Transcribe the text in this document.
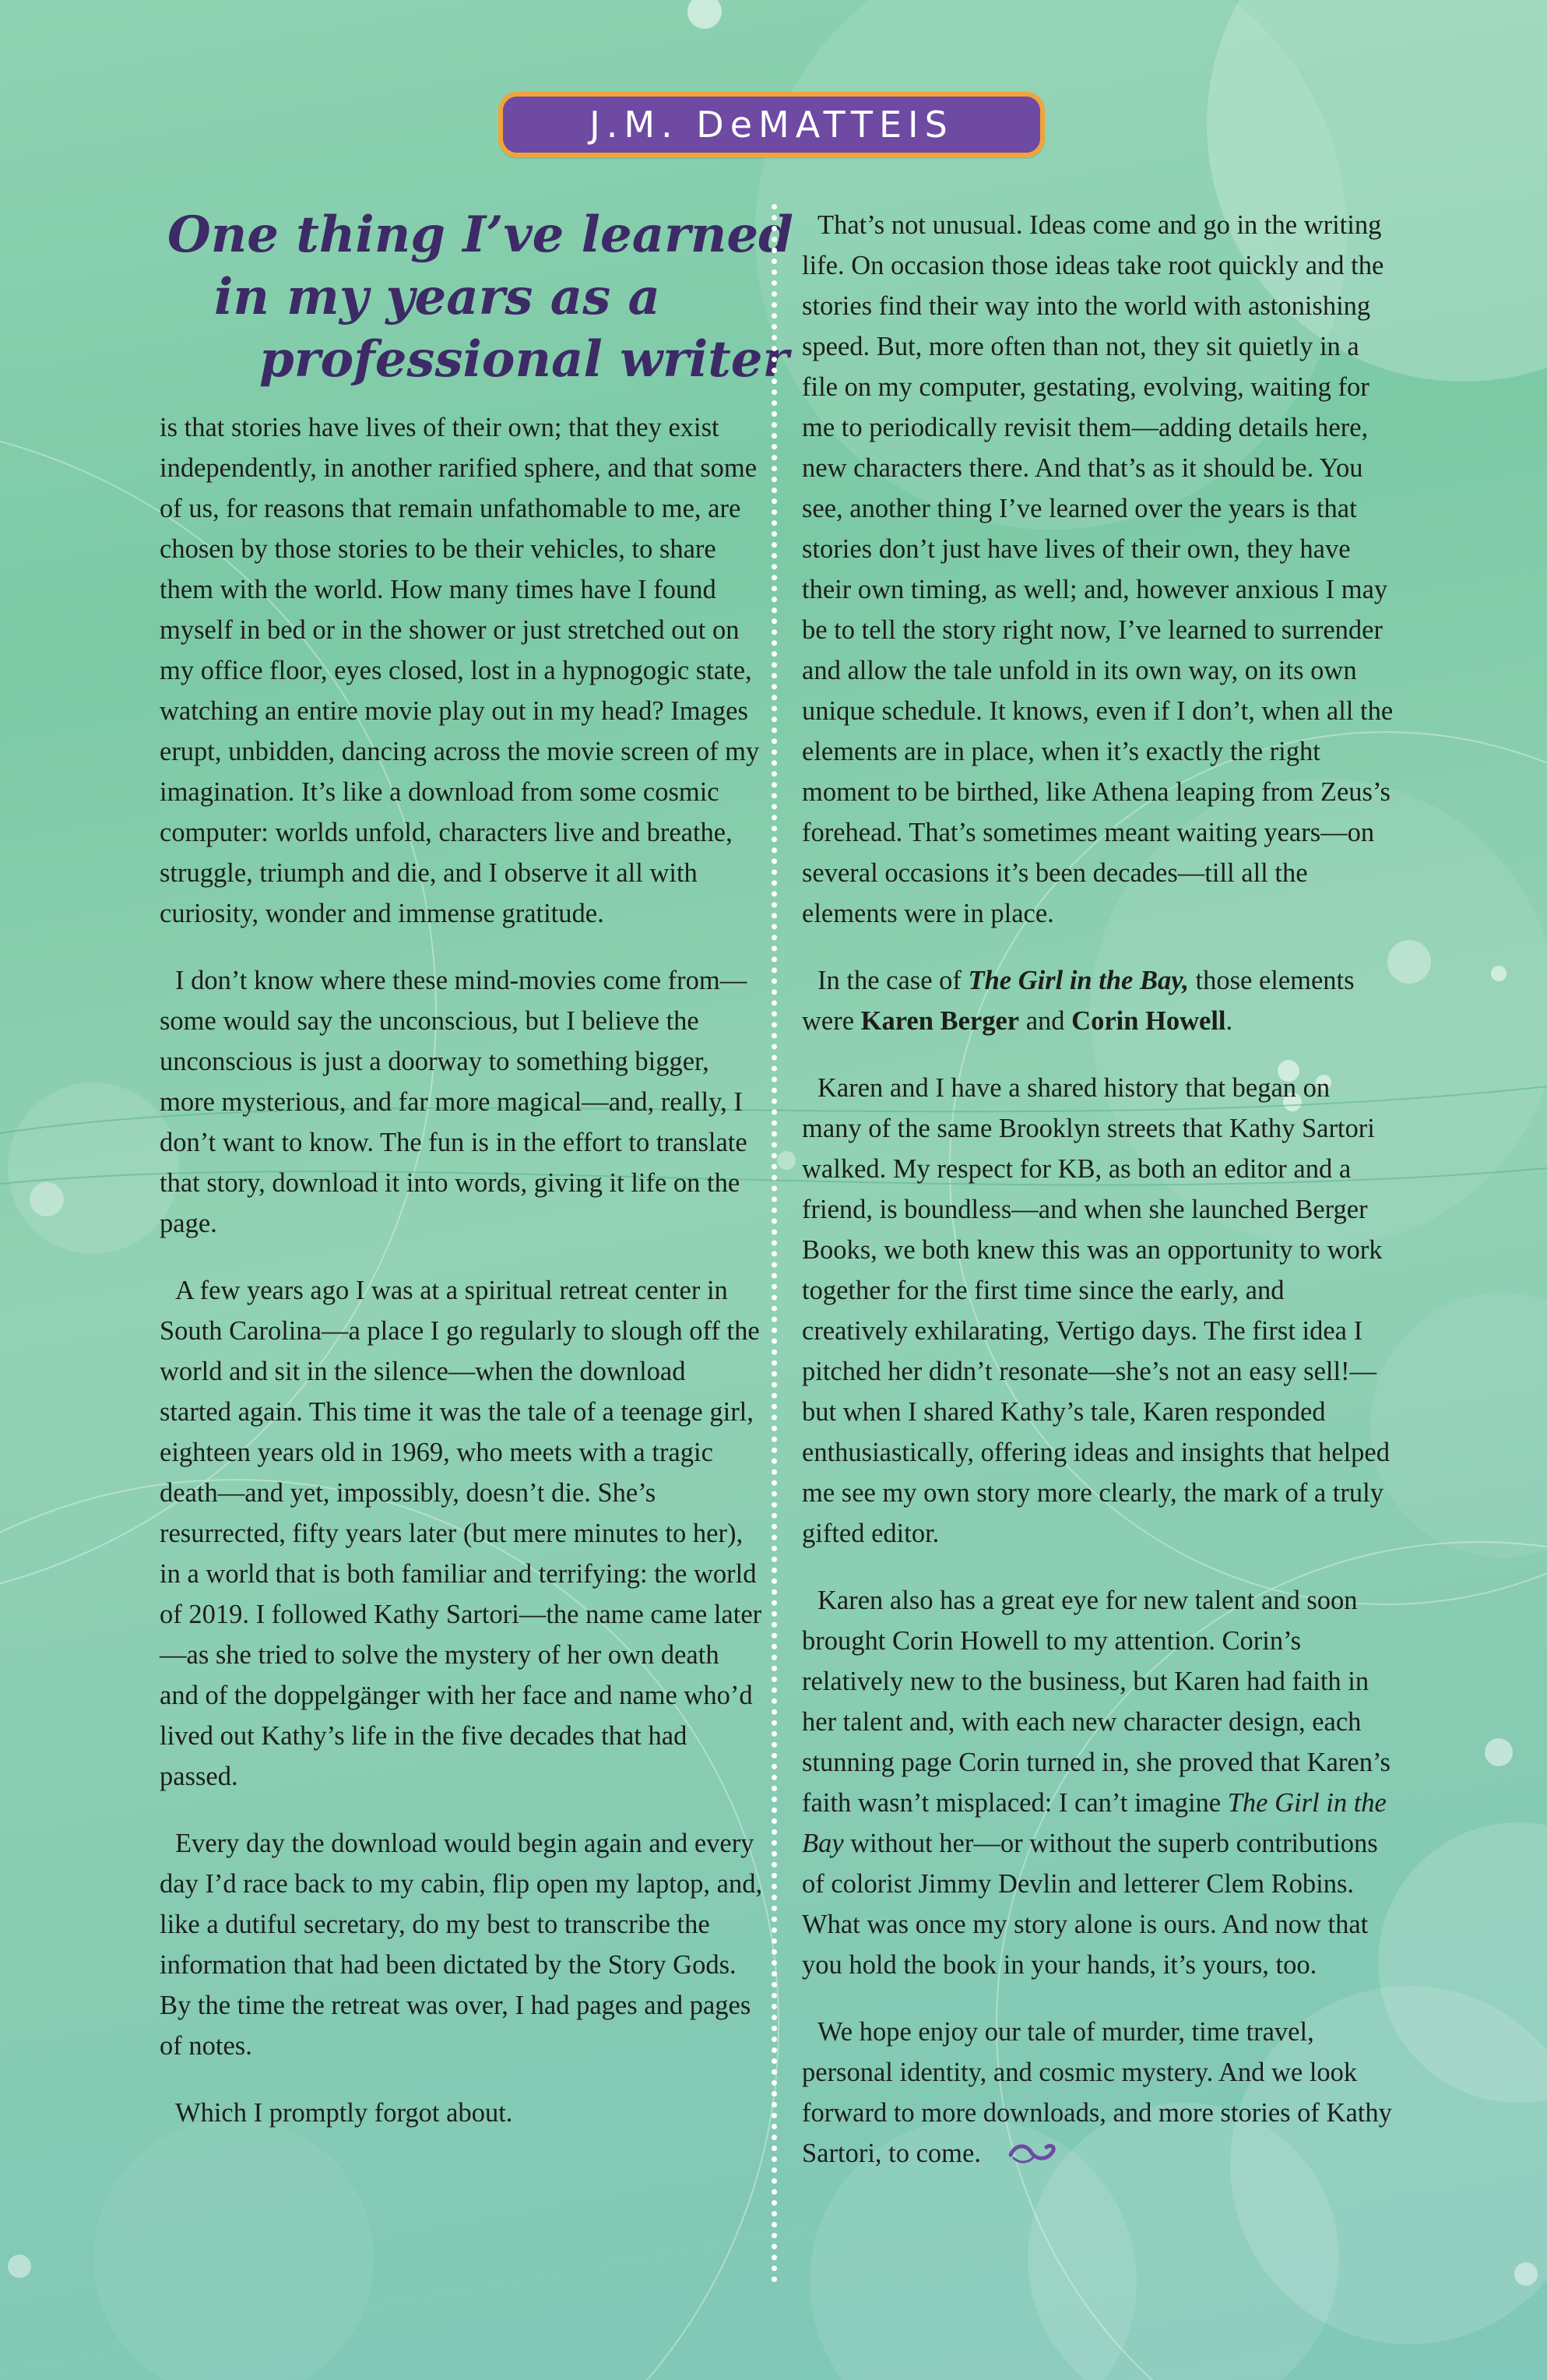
J.M. DeMATTEIS
One thing I’ve learned
in my years as a
professional writer

is that stories have lives of their own; that they exist independently, in another rarified sphere, and that some of us, for reasons that remain unfathomable to me, are chosen by those stories to be their vehicles, to share them with the world. How many times have I found myself in bed or in the shower or just stretched out on my office floor, eyes closed, lost in a hypnogogic state, watching an entire movie play out in my head? Images erupt, unbidden, dancing across the movie screen of my imagination. It’s like a download from some cosmic computer: worlds unfold, characters live and breathe, struggle, triumph and die, and I observe it all with curiosity, wonder and immense gratitude.

I don’t know where these mind-movies come from—some would say the unconscious, but I believe the unconscious is just a doorway to something bigger, more mysterious, and far more magical—and, really, I don’t want to know. The fun is in the effort to translate that story, download it into words, giving it life on the page.

A few years ago I was at a spiritual retreat center in South Carolina—a place I go regularly to slough off the world and sit in the silence—when the download started again. This time it was the tale of a teenage girl, eighteen years old in 1969, who meets with a tragic death—and yet, impossibly, doesn’t die. She’s resurrected, fifty years later (but mere minutes to her), in a world that is both familiar and terrifying: the world of 2019. I followed Kathy Sartori—the name came later—as she tried to solve the mystery of her own death and of the doppelgänger with her face and name who’d lived out Kathy’s life in the five decades that had passed.

Every day the download would begin again and every day I’d race back to my cabin, flip open my laptop, and, like a dutiful secretary, do my best to transcribe the information that had been dictated by the Story Gods. By the time the retreat was over, I had pages and pages of notes.

Which I promptly forgot about.

That’s not unusual. Ideas come and go in the writing life. On occasion those ideas take root quickly and the stories find their way into the world with astonishing speed. But, more often than not, they sit quietly in a file on my computer, gestating, evolving, waiting for me to periodically revisit them—adding details here, new characters there. And that’s as it should be. You see, another thing I’ve learned over the years is that stories don’t just have lives of their own, they have their own timing, as well; and, however anxious I may be to tell the story right now, I’ve learned to surrender and allow the tale unfold in its own way, on its own unique schedule. It knows, even if I don’t, when all the elements are in place, when it’s exactly the right moment to be birthed, like Athena leaping from Zeus’s forehead. That’s sometimes meant waiting years—on several occasions it’s been decades—till all the elements were in place.

In the case of The Girl in the Bay, those elements were Karen Berger and Corin Howell.

Karen and I have a shared history that began on many of the same Brooklyn streets that Kathy Sartori walked. My respect for KB, as both an editor and a friend, is boundless—and when she launched Berger Books, we both knew this was an opportunity to work together for the first time since the early, and creatively exhilarating, Vertigo days. The first idea I pitched her didn’t resonate—she’s not an easy sell!—but when I shared Kathy’s tale, Karen responded enthusiastically, offering ideas and insights that helped me see my own story more clearly, the mark of a truly gifted editor.

Karen also has a great eye for new talent and soon brought Corin Howell to my attention. Corin’s relatively new to the business, but Karen had faith in her talent and, with each new character design, each stunning page Corin turned in, she proved that Karen’s faith wasn’t misplaced: I can’t imagine The Girl in the Bay without her—or without the superb contributions of colorist Jimmy Devlin and letterer Clem Robins. What was once my story alone is ours. And now that you hold the book in your hands, it’s yours, too.

We hope enjoy our tale of murder, time travel, personal identity, and cosmic mystery. And we look forward to more downloads, and more stories of Kathy Sartori, to come.
